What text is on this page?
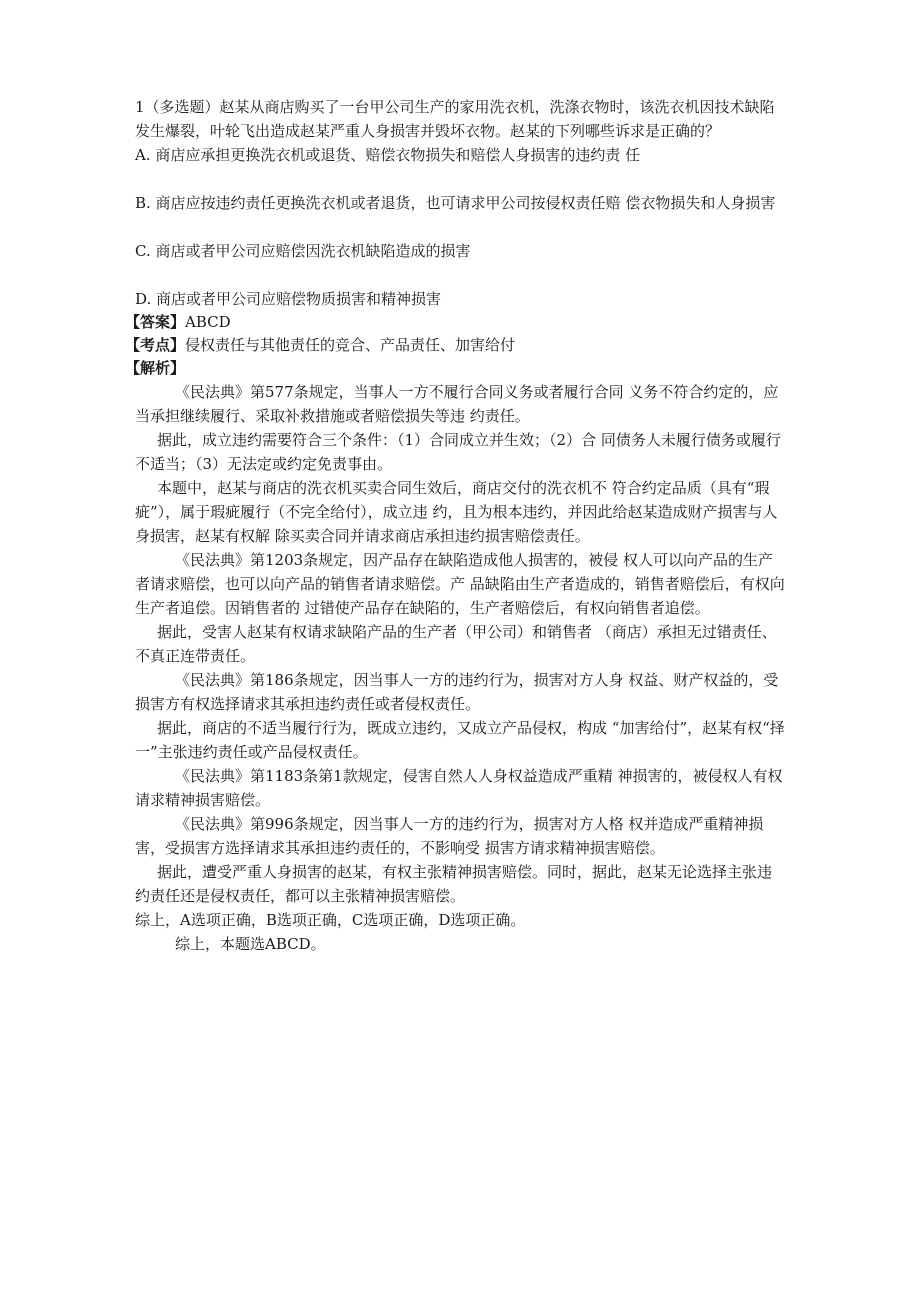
1（多选题）赵某从商店购买了一台甲公司生产的家用洗衣机，洗涤衣物时，该洗衣机因技术缺陷发生爆裂，叶轮飞出造成赵某严重人身损害并毁坏衣物。赵某的下列哪些诉求是正确的？

A. 商店应承担更换洗衣机或退货、赔偿衣物损失和赔偿人身损害的违约责 任

B. 商店应按违约责任更换洗衣机或者退货，也可请求甲公司按侵权责任赔 偿衣物损失和人身损害

C. 商店或者甲公司应赔偿因洗衣机缺陷造成的损害

D. 商店或者甲公司应赔偿物质损害和精神损害

【答案】ABCD

【考点】侵权责任与其他责任的竞合、产品责任、加害给付

【解析】

《民法典》第577条规定，当事人一方不履行合同义务或者履行合同 义务不符合约定的，应当承担继续履行、采取补救措施或者赔偿损失等违 约责任。

据此，成立违约需要符合三个条件：（1）合同成立并生效；（2）合 同债务人未履行债务或履行不适当；（3）无法定或约定免责事由。

本题中，赵某与商店的洗衣机买卖合同生效后，商店交付的洗衣机不 符合约定品质（具有“瑕疵”），属于瑕疵履行（不完全给付），成立违 约，且为根本违约，并因此给赵某造成财产损害与人身损害，赵某有权解 除买卖合同并请求商店承担违约损害赔偿责任。

《民法典》第1203条规定，因产品存在缺陷造成他人损害的，被侵 权人可以向产品的生产者请求赔偿，也可以向产品的销售者请求赔偿。产 品缺陷由生产者造成的，销售者赔偿后，有权向生产者追偿。因销售者的 过错使产品存在缺陷的，生产者赔偿后，有权向销售者追偿。

据此，受害人赵某有权请求缺陷产品的生产者（甲公司）和销售者 （商店）承担无过错责任、不真正连带责任。

《民法典》第186条规定，因当事人一方的违约行为，损害对方人身 权益、财产权益的，受损害方有权选择请求其承担违约责任或者侵权责任。

据此，商店的不适当履行行为，既成立违约，又成立产品侵权，构成 “加害给付”，赵某有权“择一”主张违约责任或产品侵权责任。

《民法典》第1183条第1款规定，侵害自然人人身权益造成严重精 神损害的，被侵权人有权请求精神损害赔偿。

《民法典》第996条规定，因当事人一方的违约行为，损害对方人格 权并造成严重精神损害，受损害方选择请求其承担违约责任的，不影响受 损害方请求精神损害赔偿。

据此，遭受严重人身损害的赵某，有权主张精神损害赔偿。同时，据此，赵某无论选择主张违约责任还是侵权责任，都可以主张精神损害赔偿。

综上，A选项正确，B选项正确，C选项正确，D选项正确。

综上，本题选ABCD。
